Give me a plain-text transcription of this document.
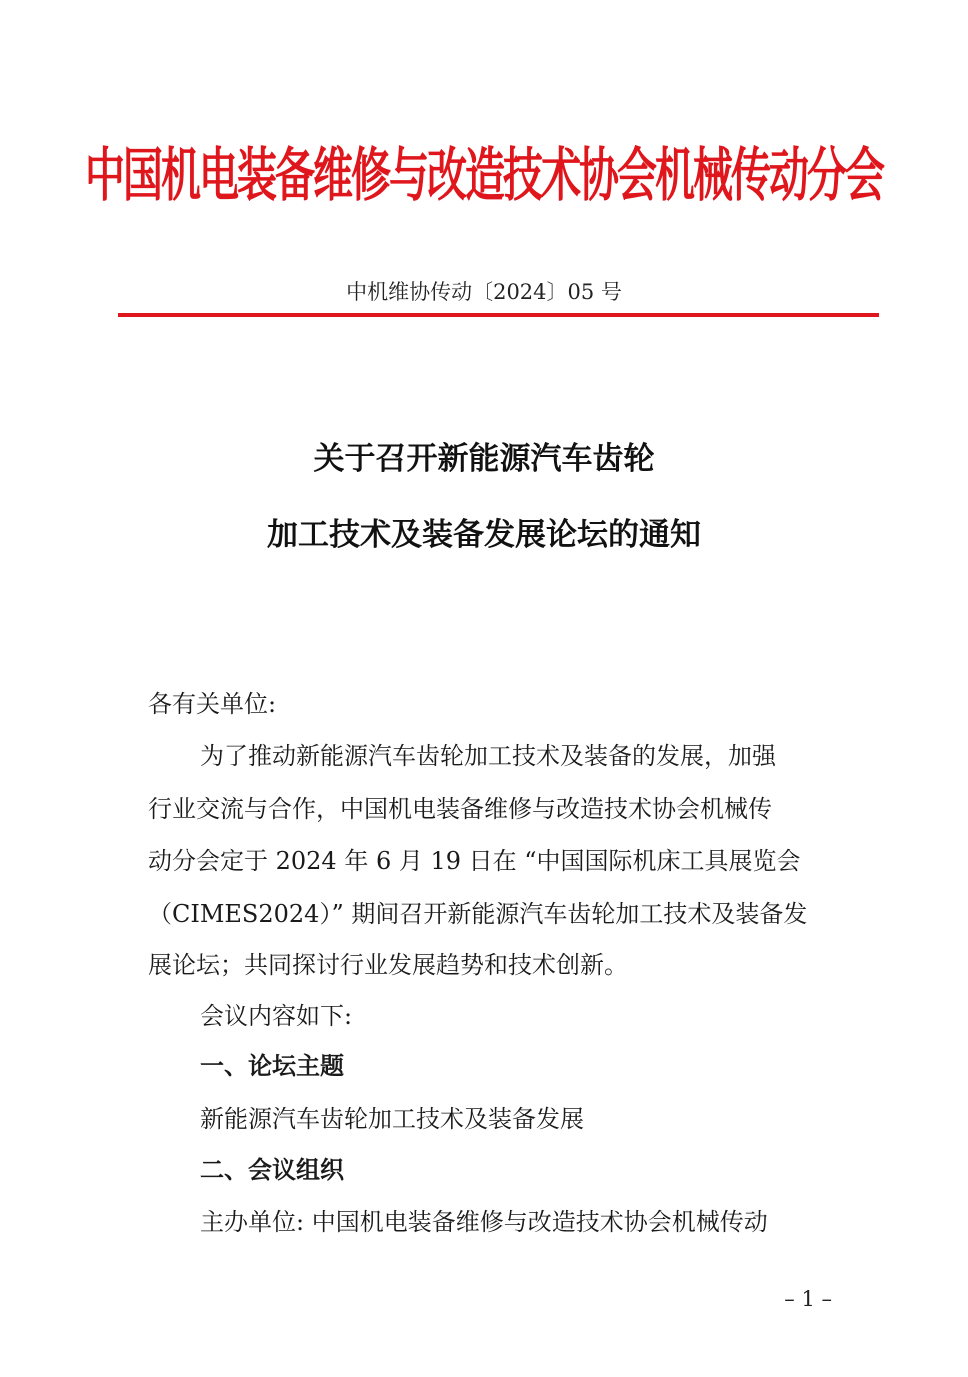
中国机电装备维修与改造技术协会机械传动分会
中机维协传动〔2024〕05 号
关于召开新能源汽车齿轮
加工技术及装备发展论坛的通知
各有关单位:
为了推动新能源汽车齿轮加工技术及装备的发展，加强
行业交流与合作，中国机电装备维修与改造技术协会机械传
动分会定于 2024 年 6 月 19 日在 “中国国际机床工具展览会
（CIMES2024）” 期间召开新能源汽车齿轮加工技术及装备发
展论坛；共同探讨行业发展趋势和技术创新。
会议内容如下:
一、论坛主题
新能源汽车齿轮加工技术及装备发展
二、会议组织
主办单位: 中国机电装备维修与改造技术协会机械传动
– 1 –
